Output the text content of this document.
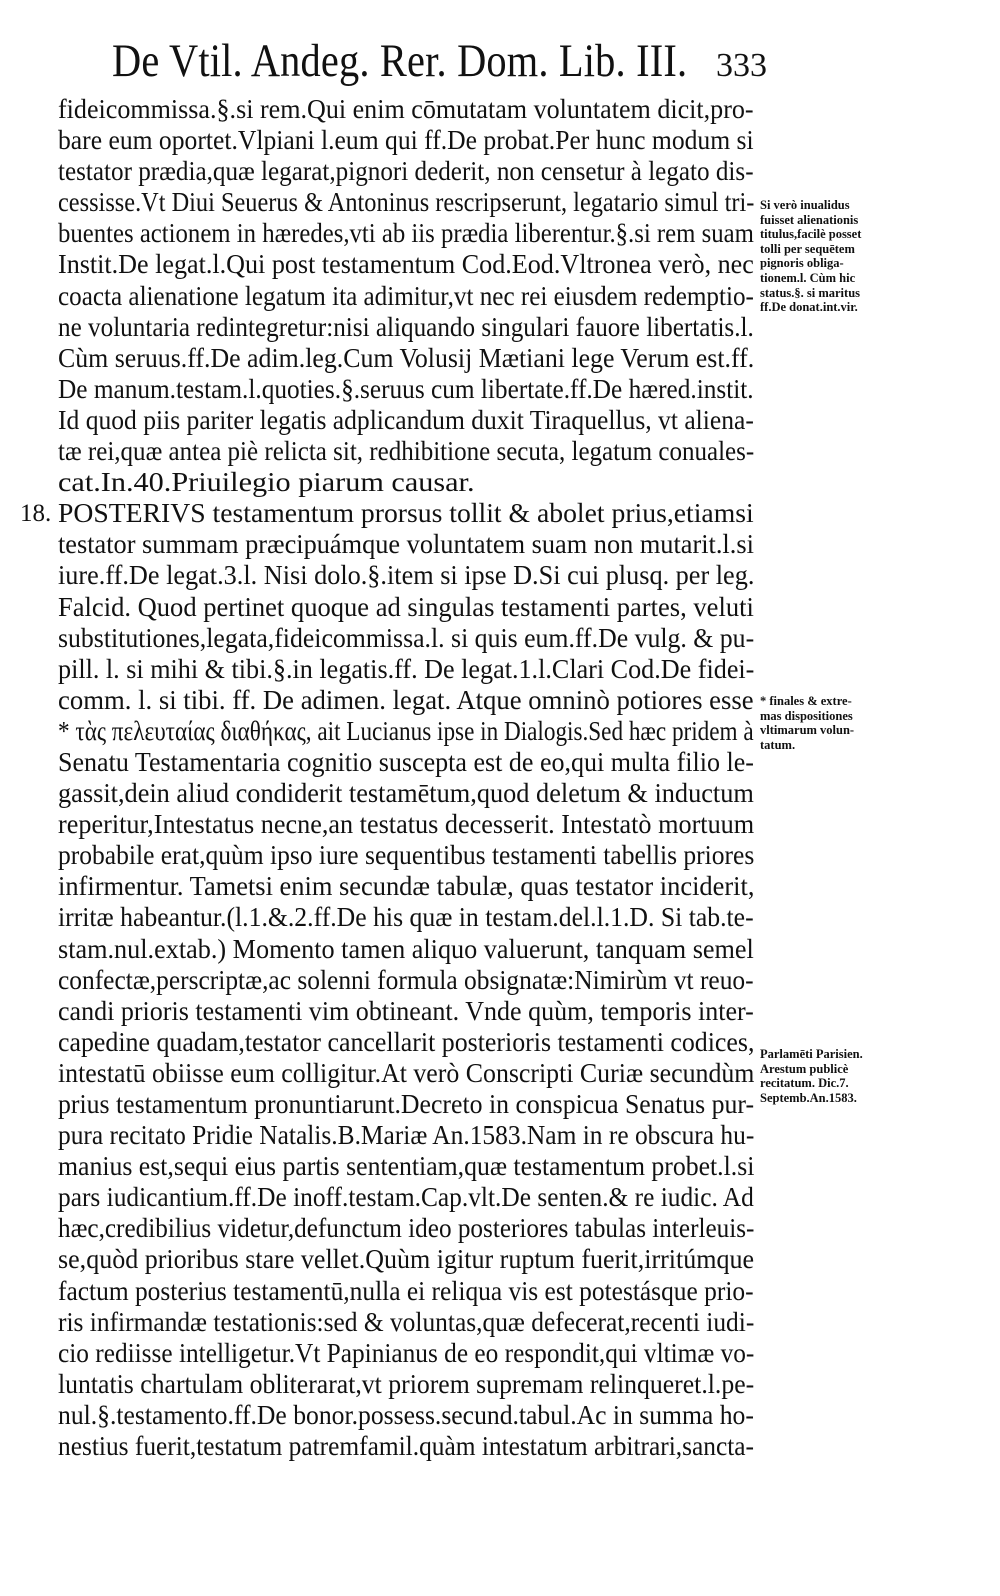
De Vtil. Andeg. Rer. Dom. Lib. III. 333
18.
fideicommissa.§.si rem.Qui enim cōmutatam voluntatem dicit,pro-
bare eum oportet.Vlpiani l.eum qui ff.De probat.Per hunc modum si
testator prædia,quæ legarat,pignori dederit, non censetur à legato dis-
cessisse.Vt Diui Seuerus & Antoninus rescripserunt, legatario simul tri-
buentes actionem in hæredes,vti ab iis prædia liberentur.§.si rem suam
Instit.De legat.l.Qui post testamentum Cod.Eod.Vltronea verò, nec
coacta alienatione legatum ita adimitur,vt nec rei eiusdem redemptio-
ne voluntaria redintegretur:nisi aliquando singulari fauore libertatis.l.
Cùm seruus.ff.De adim.leg.Cum Volusij Mætiani lege Verum est.ff.
De manum.testam.l.quoties.§.seruus cum libertate.ff.De hæred.instit.
Id quod piis pariter legatis adplicandum duxit Tiraquellus, vt aliena-
tæ rei,quæ antea piè relicta sit, redhibitione secuta, legatum conuales-
cat.In.40.Priuilegio piarum causar.
POSTERIVS testamentum prorsus tollit & abolet prius,etiamsi
testator summam præcipuámque voluntatem suam non mutarit.l.si
iure.ff.De legat.3.l. Nisi dolo.§.item si ipse D.Si cui plusq. per leg.
Falcid. Quod pertinet quoque ad singulas testamenti partes, veluti
substitutiones,legata,fideicommissa.l. si quis eum.ff.De vulg. & pu-
pill. l. si mihi & tibi.§.in legatis.ff. De legat.1.l.Clari Cod.De fidei-
comm. l. si tibi. ff. De adimen. legat. Atque omninò potiores esse
* τὰς πελευταίας διαθήκας, ait Lucianus ipse in Dialogis.Sed hæc pridem à
Senatu Testamentaria cognitio suscepta est de eo,qui multa filio le-
gassit,dein aliud condiderit testamētum,quod deletum & inductum
reperitur,Intestatus necne,an testatus decesserit. Intestatò mortuum
probabile erat,quùm ipso iure sequentibus testamenti tabellis priores
infirmentur. Tametsi enim secundæ tabulæ, quas testator inciderit,
irritæ habeantur.(l.1.&.2.ff.De his quæ in testam.del.l.1.D. Si tab.te-
stam.nul.extab.) Momento tamen aliquo valuerunt, tanquam semel
confectæ,perscriptæ,ac solenni formula obsignatæ:Nimirùm vt reuo-
candi prioris testamenti vim obtineant. Vnde quùm, temporis inter-
capedine quadam,testator cancellarit posterioris testamenti codices,
intestatū obiisse eum colligitur.At verò Conscripti Curiæ secundùm
prius testamentum pronuntiarunt.Decreto in conspicua Senatus pur-
pura recitato Pridie Natalis.B.Mariæ An.1583.Nam in re obscura hu-
manius est,sequi eius partis sententiam,quæ testamentum probet.l.si
pars iudicantium.ff.De inoff.testam.Cap.vlt.De senten.& re iudic. Ad
hæc,credibilius videtur,defunctum ideo posteriores tabulas interleuis-
se,quòd prioribus stare vellet.Quùm igitur ruptum fuerit,irritúmque
factum posterius testamentū,nulla ei reliqua vis est potestásque prio-
ris infirmandæ testationis:sed & voluntas,quæ defecerat,recenti iudi-
cio rediisse intelligetur.Vt Papinianus de eo respondit,qui vltimæ vo-
luntatis chartulam obliterarat,vt priorem supremam relinqueret.l.pe-
nul.§.testamento.ff.De bonor.possess.secund.tabul.Ac in summa ho-
nestius fuerit,testatum patremfamil.quàm intestatum arbitrari,sancta-
Si verò inualidus
fuisset alienationis
titulus,facilè posset
tolli per sequētem
pignoris obliga-
tionem.l. Cùm hic
status.§. si maritus
ff.De donat.int.vir.
* finales & extre-
mas dispositiones
vltimarum volun-
tatum.
Parlamēti Parisien.
Arestum publicè
recitatum. Dic.7.
Septemb.An.1583.
